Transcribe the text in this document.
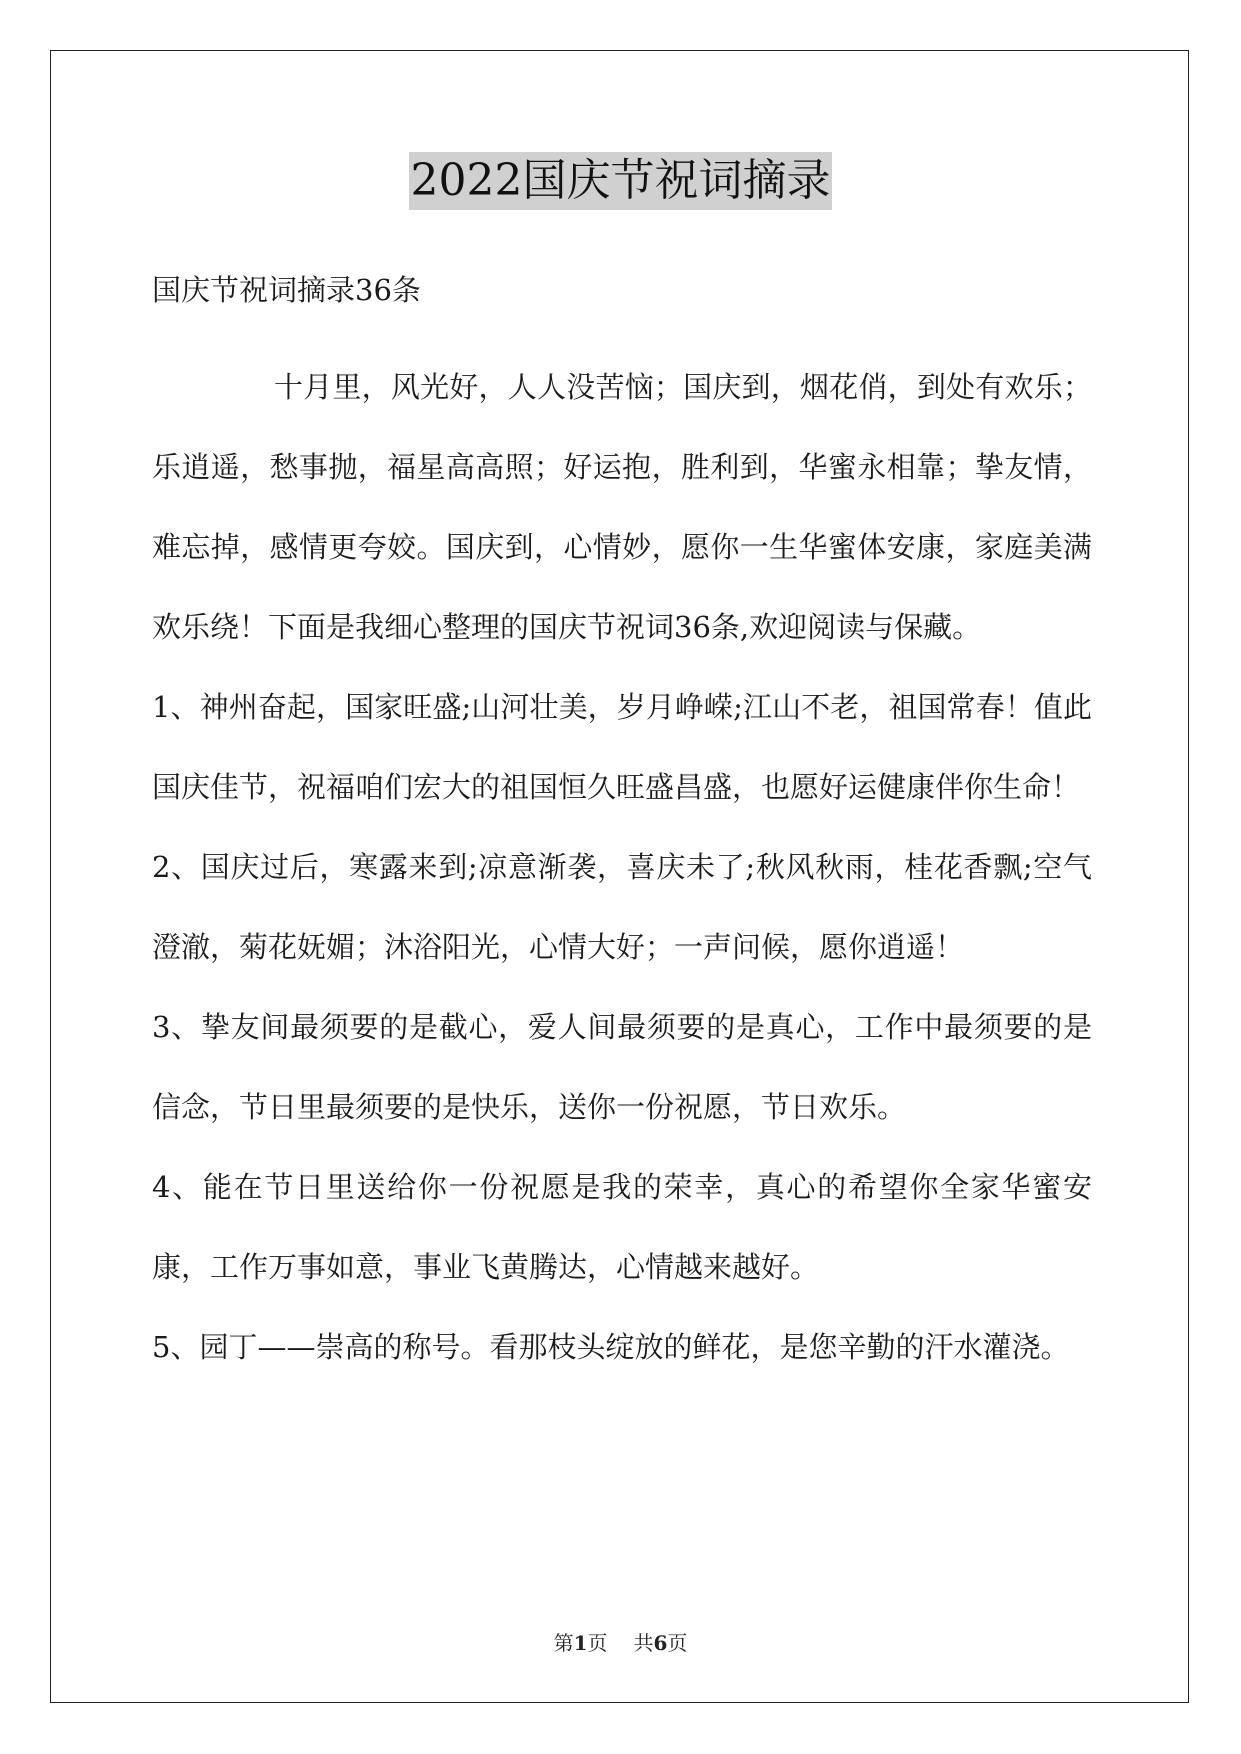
2022国庆节祝词摘录
国庆节祝词摘录36条

十月里，风光好，人人没苦恼；国庆到，烟花俏，到处有欢乐；乐逍遥，愁事抛，福星高高照；好运抱，胜利到，华蜜永相靠；挚友情，难忘掉，感情更夸姣。国庆到，心情妙，愿你一生华蜜体安康，家庭美满欢乐绕！下面是我细心整理的国庆节祝词36条,欢迎阅读与保藏。

1、神州奋起，国家旺盛;山河壮美，岁月峥嵘;江山不老，祖国常春！值此国庆佳节，祝福咱们宏大的祖国恒久旺盛昌盛，也愿好运健康伴你生命！

2、国庆过后，寒露来到;凉意渐袭，喜庆未了;秋风秋雨，桂花香飘;空气澄澈，菊花妩媚；沐浴阳光，心情大好；一声问候，愿你逍遥！

3、挚友间最须要的是截心，爱人间最须要的是真心，工作中最须要的是信念，节日里最须要的是快乐，送你一份祝愿，节日欢乐。

4、能在节日里送给你一份祝愿是我的荣幸，真心的希望你全家华蜜安康，工作万事如意，事业飞黄腾达，心情越来越好。

5、园丁——崇高的称号。看那枝头绽放的鲜花，是您辛勤的汗水灌浇。

第1页 共6页
